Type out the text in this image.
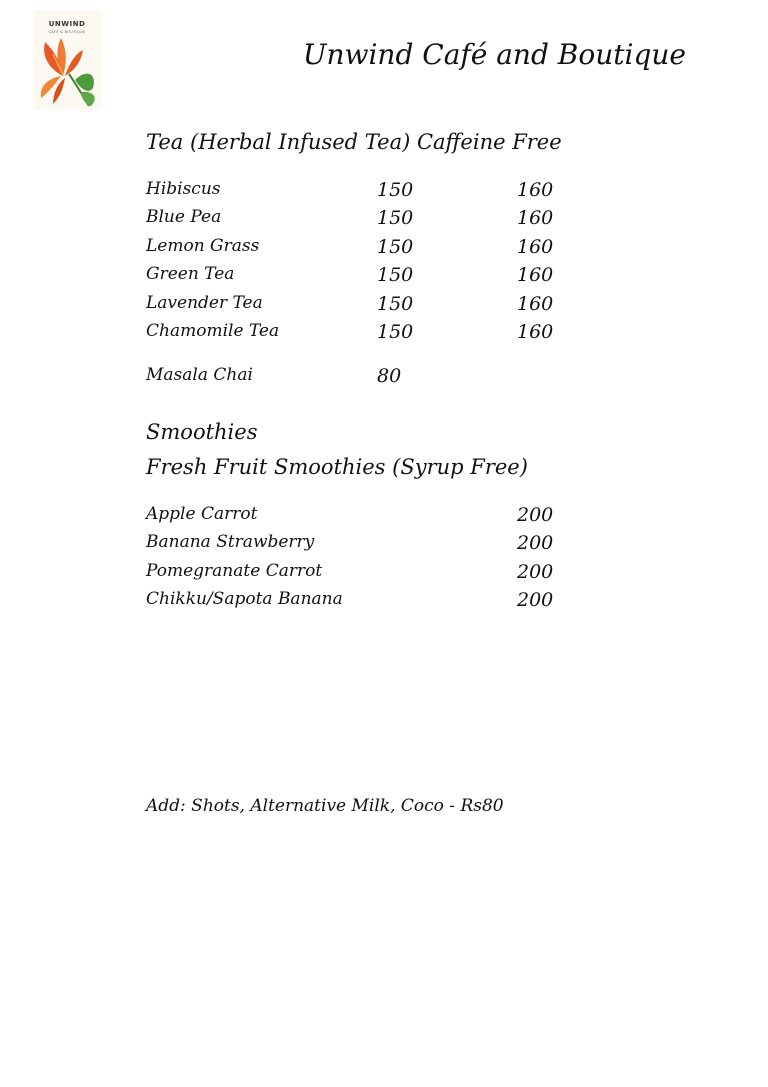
UNWIND
CAFÉ & BOUTIQUE
Unwind Café and Boutique
Tea (Herbal Infused Tea) Caffeine Free
Hibiscus	150	160
Blue Pea	150	160
Lemon Grass	150	160
Green Tea	150	160
Lavender Tea	150	160
Chamomile Tea	150	160
Masala Chai	80
Smoothies
Fresh Fruit Smoothies (Syrup Free)
Apple Carrot	200
Banana Strawberry	200
Pomegranate Carrot	200
Chikku/Sapota Banana	200
Add: Shots, Alternative Milk, Coco - Rs80
